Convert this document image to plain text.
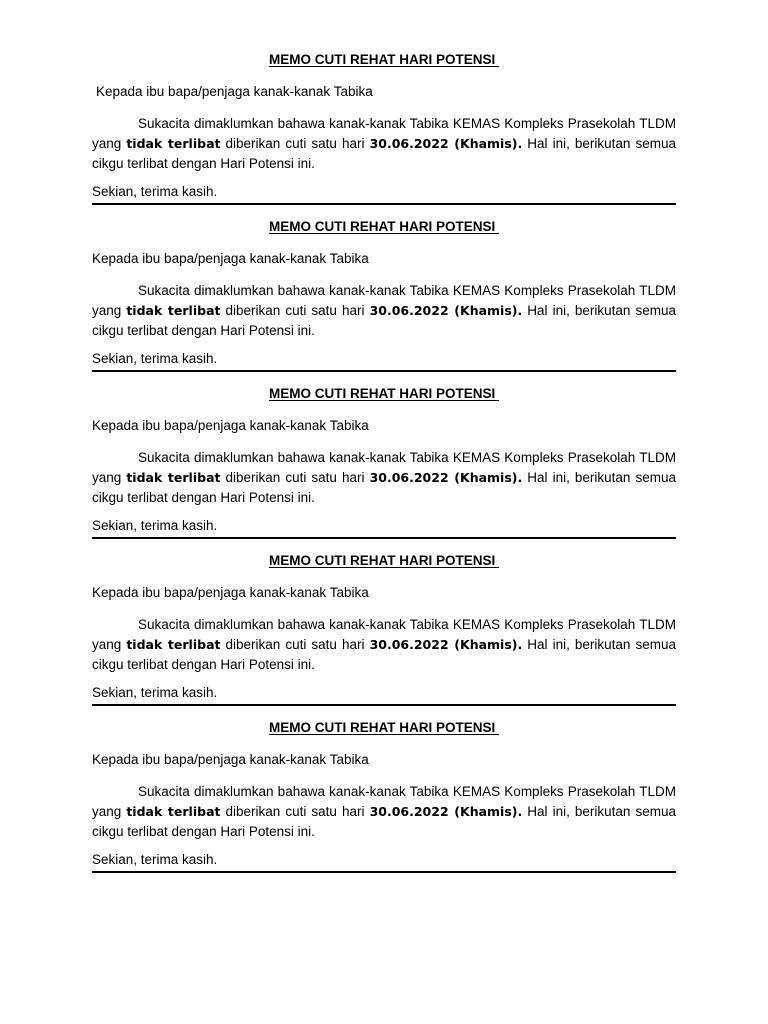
MEMO CUTI REHAT HARI POTENSI
Kepada ibu bapa/penjaga kanak-kanak Tabika
Sukacita dimaklumkan bahawa kanak-kanak Tabika KEMAS Kompleks Prasekolah TLDM yang tidak terlibat diberikan cuti satu hari 30.06.2022 (Khamis). Hal ini, berikutan semua cikgu terlibat dengan Hari Potensi ini.
Sekian, terima kasih.
MEMO CUTI REHAT HARI POTENSI
Kepada ibu bapa/penjaga kanak-kanak Tabika
Sukacita dimaklumkan bahawa kanak-kanak Tabika KEMAS Kompleks Prasekolah TLDM yang tidak terlibat diberikan cuti satu hari 30.06.2022 (Khamis). Hal ini, berikutan semua cikgu terlibat dengan Hari Potensi ini.
Sekian, terima kasih.
MEMO CUTI REHAT HARI POTENSI
Kepada ibu bapa/penjaga kanak-kanak Tabika
Sukacita dimaklumkan bahawa kanak-kanak Tabika KEMAS Kompleks Prasekolah TLDM yang tidak terlibat diberikan cuti satu hari 30.06.2022 (Khamis). Hal ini, berikutan semua cikgu terlibat dengan Hari Potensi ini.
Sekian, terima kasih.
MEMO CUTI REHAT HARI POTENSI
Kepada ibu bapa/penjaga kanak-kanak Tabika
Sukacita dimaklumkan bahawa kanak-kanak Tabika KEMAS Kompleks Prasekolah TLDM yang tidak terlibat diberikan cuti satu hari 30.06.2022 (Khamis). Hal ini, berikutan semua cikgu terlibat dengan Hari Potensi ini.
Sekian, terima kasih.
MEMO CUTI REHAT HARI POTENSI
Kepada ibu bapa/penjaga kanak-kanak Tabika
Sukacita dimaklumkan bahawa kanak-kanak Tabika KEMAS Kompleks Prasekolah TLDM yang tidak terlibat diberikan cuti satu hari 30.06.2022 (Khamis). Hal ini, berikutan semua cikgu terlibat dengan Hari Potensi ini.
Sekian, terima kasih.
